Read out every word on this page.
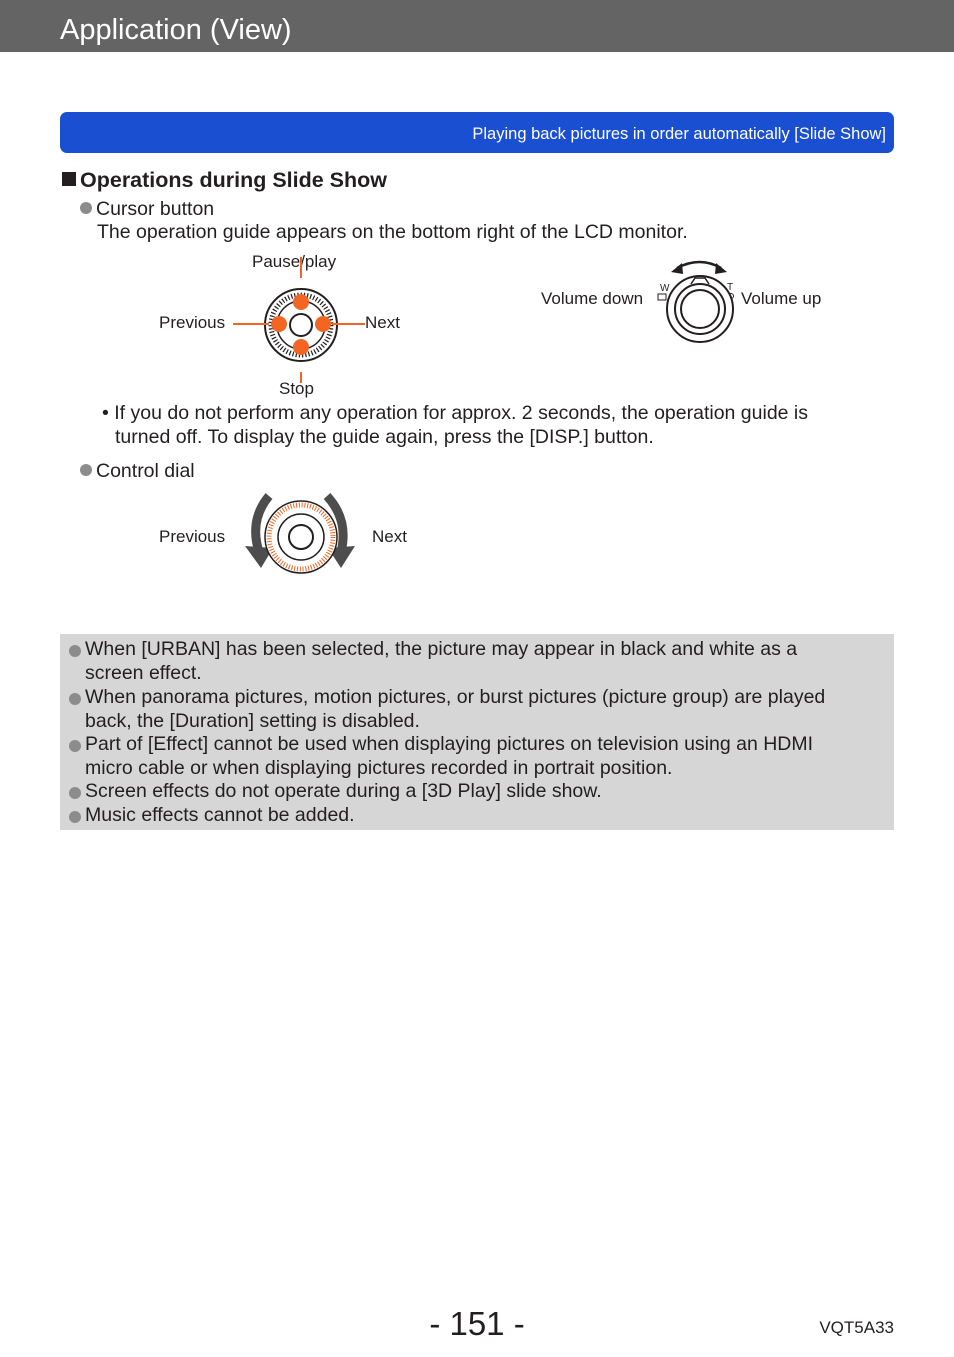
Application (View)
Playing back pictures in order automatically [Slide Show]
Operations during Slide Show
Cursor button
The operation guide appears on the bottom right of the LCD monitor.
Pause/play
Previous	Next
Stop
Volume down	Volume up
W	T
• If you do not perform any operation for approx. 2 seconds, the operation guide is
turned off. To display the guide again, press the [DISP.] button.
Control dial
Previous	Next
When [URBAN] has been selected, the picture may appear in black and white as a
screen effect.
When panorama pictures, motion pictures, or burst pictures (picture group) are played
back, the [Duration] setting is disabled.
Part of [Effect] cannot be used when displaying pictures on television using an HDMI
micro cable or when displaying pictures recorded in portrait position.
Screen effects do not operate during a [3D Play] slide show.
Music effects cannot be added.
- 151 -	VQT5A33
